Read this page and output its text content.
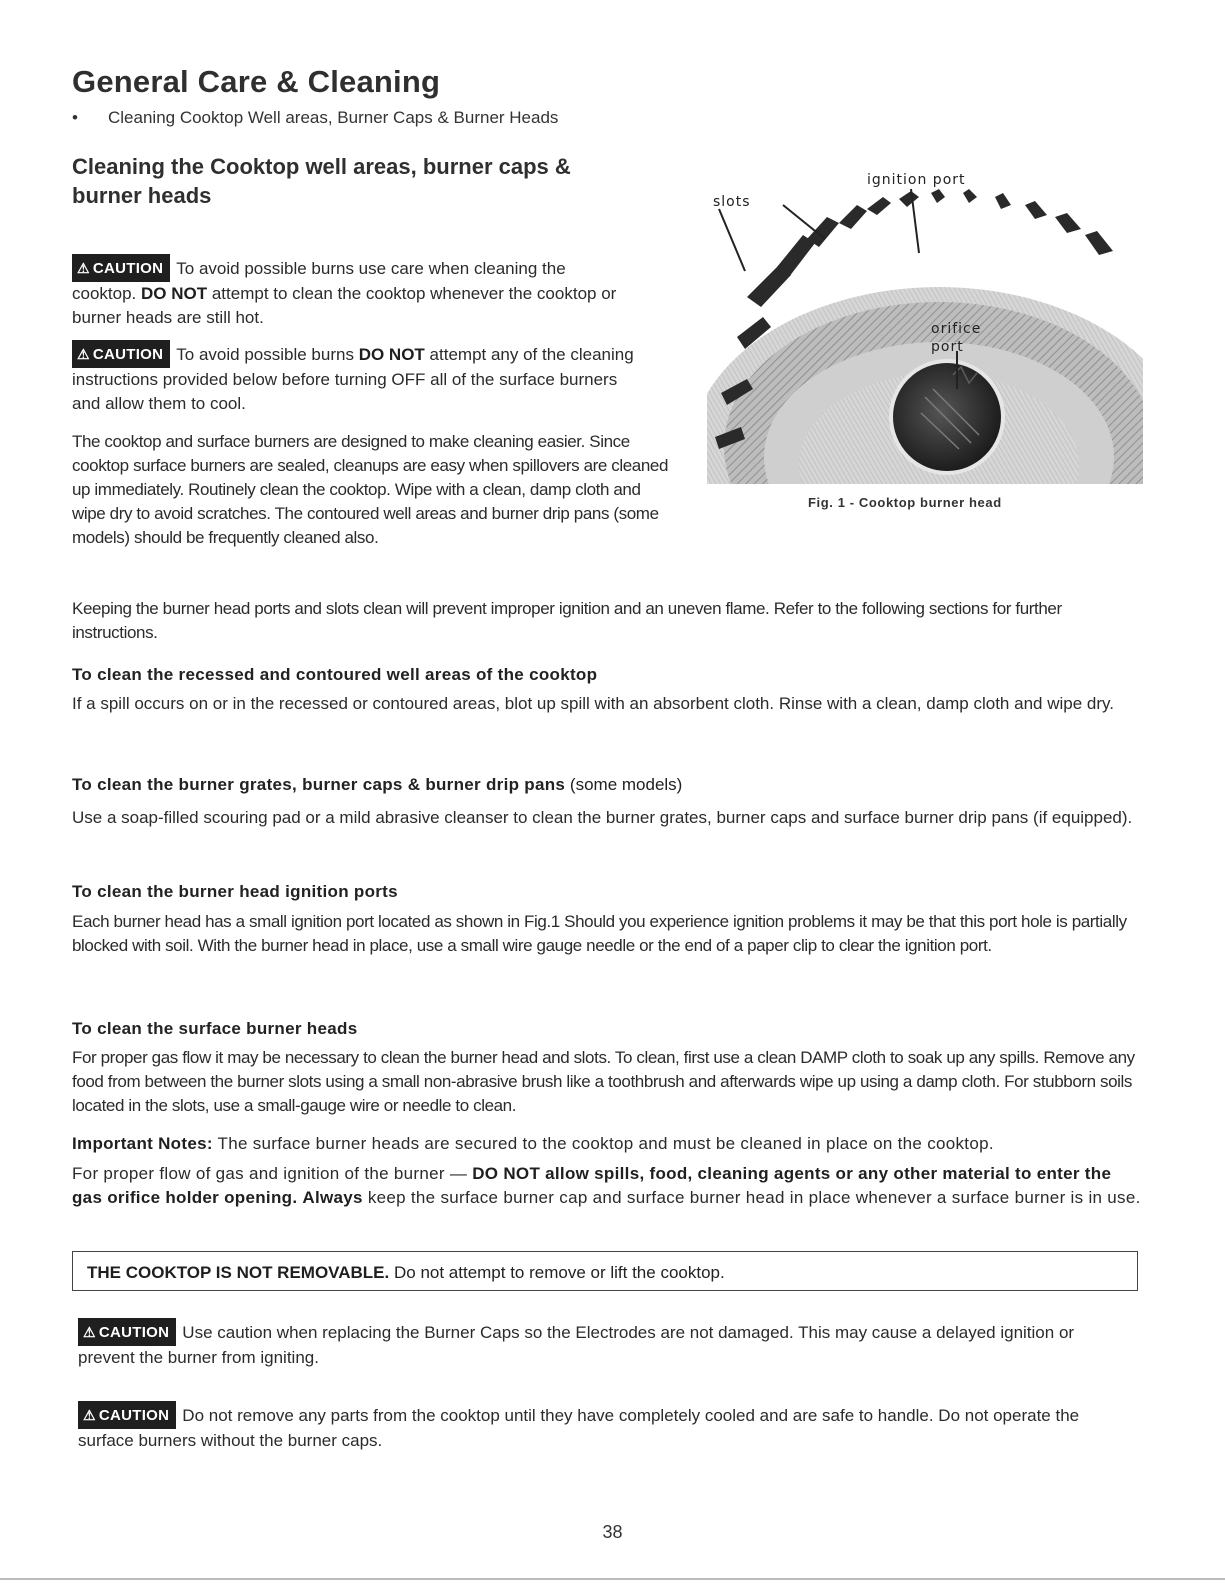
General Care & Cleaning
• Cleaning Cooktop Well areas, Burner Caps & Burner Heads
Cleaning the Cooktop well areas, burner caps & burner heads
⚠ CAUTION To avoid possible burns use care when cleaning the cooktop. DO NOT attempt to clean the cooktop whenever the cooktop or burner heads are still hot.
⚠ CAUTION To avoid possible burns DO NOT attempt any of the cleaning instructions provided below before turning OFF all of the surface burners and allow them to cool.
The cooktop and surface burners are designed to make cleaning easier. Since cooktop surface burners are sealed, cleanups are easy when spillovers are cleaned up immediately. Routinely clean the cooktop. Wipe with a clean, damp cloth and wipe dry to avoid scratches. The contoured well areas and burner drip pans (some models) should be frequently cleaned also.
ignition port
slots
orifice
port
Fig. 1 - Cooktop burner head
Keeping the burner head ports and slots clean will prevent improper ignition and an uneven flame. Refer to the following sections for further instructions.
To clean the recessed and contoured well areas of the cooktop
If a spill occurs on or in the recessed or contoured areas, blot up spill with an absorbent cloth. Rinse with a clean, damp cloth and wipe dry.
To clean the burner grates, burner caps & burner drip pans (some models)
Use a soap-filled scouring pad or a mild abrasive cleanser to clean the burner grates, burner caps and surface burner drip pans (if equipped).
To clean the burner head ignition ports
Each burner head has a small ignition port located as shown in Fig.1 Should you experience ignition problems it may be that this port hole is partially blocked with soil. With the burner head in place, use a small wire gauge needle or the end of a paper clip to clear the ignition port.
To clean the surface burner heads
For proper gas flow it may be necessary to clean the burner head and slots. To clean, first use a clean DAMP cloth to soak up any spills. Remove any food from between the burner slots using a small non-abrasive brush like a toothbrush and afterwards wipe up using a damp cloth. For stubborn soils located in the slots, use a small-gauge wire or needle to clean.
Important Notes: The surface burner heads are secured to the cooktop and must be cleaned in place on the cooktop.
For proper flow of gas and ignition of the burner — DO NOT allow spills, food, cleaning agents or any other material to enter the gas orifice holder opening. Always keep the surface burner cap and surface burner head in place whenever a surface burner is in use.
THE COOKTOP IS NOT REMOVABLE. Do not attempt to remove or lift the cooktop.
⚠ CAUTION Use caution when replacing the Burner Caps so the Electrodes are not damaged. This may cause a delayed ignition or prevent the burner from igniting.
⚠ CAUTION Do not remove any parts from the cooktop until they have completely cooled and are safe to handle. Do not operate the surface burners without the burner caps.
38
